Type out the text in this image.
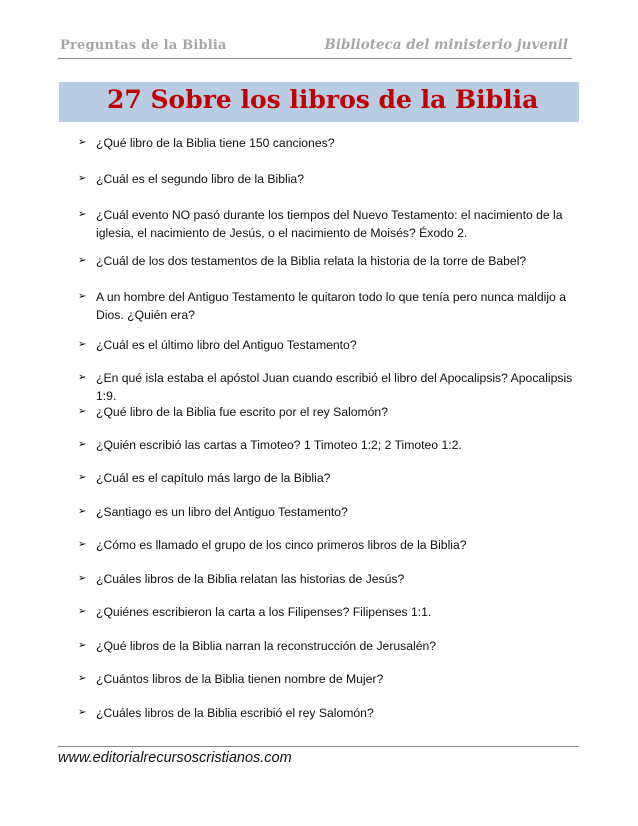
Preguntas de la Biblia	Biblioteca del ministerio juvenil
27 Sobre los libros de la Biblia
➢ ¿Qué libro de la Biblia tiene 150 canciones?
➢ ¿Cuál es el segundo libro de la Biblia?
➢ ¿Cuál evento NO pasó durante los tiempos del Nuevo Testamento: el nacimiento de la iglesia, el nacimiento de Jesús, o el nacimiento de Moisés? Éxodo 2.
➢ ¿Cuál de los dos testamentos de la Biblia relata la historia de la torre de Babel?
➢ A un hombre del Antiguo Testamento le quitaron todo lo que tenía pero nunca maldijo a Dios. ¿Quién era?
➢ ¿Cuál es el último libro del Antiguo Testamento?
➢ ¿En qué isla estaba el apóstol Juan cuando escribió el libro del Apocalipsis? Apocalipsis 1:9.
➢ ¿Qué libro de la Biblia fue escrito por el rey Salomón?
➢ ¿Quién escribió las cartas a Timoteo? 1 Timoteo 1:2; 2 Timoteo 1:2.
➢ ¿Cuál es el capítulo más largo de la Biblia?
➢ ¿Santiago es un libro del Antiguo Testamento?
➢ ¿Cómo es llamado el grupo de los cinco primeros libros de la Biblia?
➢ ¿Cuáles libros de la Biblia relatan las historias de Jesús?
➢ ¿Quiénes escribieron la carta a los Filipenses? Filipenses 1:1.
➢ ¿Qué libros de la Biblia narran la reconstrucción de Jerusalén?
➢ ¿Cuántos libros de la Biblia tienen nombre de Mujer?
➢ ¿Cuáles libros de la Biblia escribió el rey Salomón?
www.editorialrecursoscristianos.com
